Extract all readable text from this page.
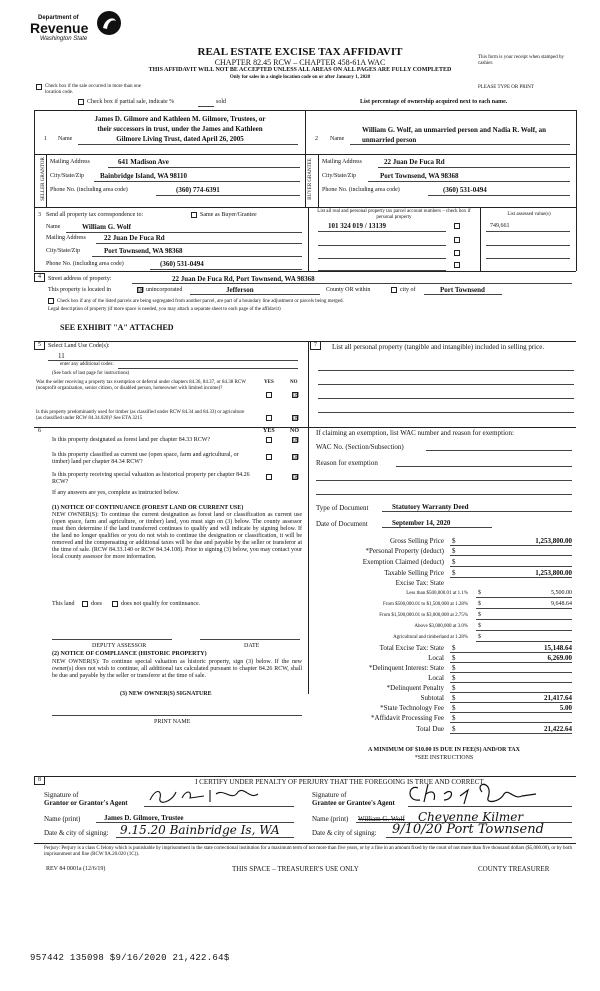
Department of
Revenue
Washington State
REAL ESTATE EXCISE TAX AFFIDAVIT
CHAPTER 82.45 RCW – CHAPTER 458-61A WAC
THIS AFFIDAVIT WILL NOT BE ACCEPTED UNLESS ALL AREAS ON ALL PAGES ARE FULLY COMPLETED
Only for sales in a single location code on or after January 1, 2020
This form is your receipt when stamped by cashier.
PLEASE TYPE OR PRINT
Check box if the sale occurred in more than one location code.
Check box if partial sale, indicate %	sold	List percentage of ownership acquired next to each name.
1 Name
James D. Gilmore and Kathleen M. Gilmore, Trustees, or
their successors in trust, under the James and Kathleen
Gilmore Living Trust, dated April 26, 2005
SELLER GRANTOR Mailing Address	641 Madison Ave
City/State/Zip Bainbridge Island, WA 98110
Phone No. (including area code)	(360) 774-6391
2 Name
William G. Wolf, an unmarried person and Nadia R. Wolf, an
unmarried person
BUYER GRANTEE Mailing Address	22 Juan De Fuca Rd
City/State/Zip	Port Townsend, WA 98368
Phone No. (including area code)	(360) 531-0494
3 Send all property tax correspondence to:	Same as Buyer/Grantee
Name	William G. Wolf
Mailing Address	22 Juan De Fuca Rd
City/State/Zip	Port Townsend, WA 98368
Phone No. (including area code)	(360) 531-0494
List all real and personal property tax parcel account numbers – check box if personal property
List assessed value(s)
101 324 019 / 13139	749,661
4	Street address of property:	22 Juan De Fuca Rd, Port Townsend, WA 98368
This property is located in	☒ unincorporated	Jefferson	County OR within	city of	Port Townsend
Check box if any of the listed parcels are being segregated from another parcel, are part of a boundary line adjustment or parcels being merged.
Legal description of property (if more space is needed, you may attach a separate sheet to each page of the affidavit)
SEE EXHIBIT "A" ATTACHED
5	Select Land Use Code(s):
11
enter any additional codes:
(See back of last page for instructions)
YES	NO
Was the seller receiving a property tax exemption or deferral under chapters 84.36, 84.37, or 84.38 RCW (nonprofit organization, senior citizen, or disabled person, homeowner with limited income)?
☒
Is this property predominantly used for timber (as classified under RCW 84.34 and 84.33) or agriculture (as classified under RCW 84.34.020)? See ETA 3215	☒
7	List all personal property (tangible and intangible) included in selling price.
6	YES	NO
Is this property designated as forest land per chapter 84.33 RCW?	☒
Is this property classified as current use (open space, farm and agricultural, or timber) land per chapter 84.34 RCW?
☒
Is this property receiving special valuation as historical property per chapter 84.26 RCW?
☒
If any answers are yes, complete as instructed below.
(1) NOTICE OF CONTINUANCE (FOREST LAND OR CURRENT USE)
NEW OWNER(S): To continue the current designation as forest land or classification as current use (open space, farm and agriculture, or timber) land, you must sign on (3) below. The county assessor must then determine if the land transferred continues to qualify and will indicate by signing below. If the land no longer qualifies or you do not wish to continue the designation or classification, it will be removed and the compensating or additional taxes will be due and payable by the seller or transferor at the time of sale. (RCW 84.33.140 or RCW 84.34.108). Prior to signing (3) below, you may contact your local county assessor for more information.
This land	does	does not qualify for continuance.
DEPUTY ASSESSOR	DATE
(2) NOTICE OF COMPLIANCE (HISTORIC PROPERTY)
NEW OWNER(S): To continue special valuation as historic property, sign (3) below. If the new owner(s) does not wish to continue, all additional tax calculated pursuant to chapter 84.26 RCW, shall be due and payable by the seller or transferor at the time of sale.
(3) NEW OWNER(S) SIGNATURE
PRINT NAME
If claiming an exemption, list WAC number and reason for exemption:
WAC No. (Section/Subsection)
Reason for exemption
Type of Document	Statutory Warranty Deed
Date of Document	September 14, 2020
Gross Selling Price $	1,253,800.00
*Personal Property (deduct) $
Exemption Claimed (deduct) $
Taxable Selling Price $	1,253,800.00
Excise Tax: State
Less than $500,000.01 at 1.1% $	5,500.00
From $500,000.01 to $1,500,000 at 1.28% $	9,648.64
From $1,500,000.01 to $3,000,000 at 2.75% $
Above $3,000,000 at 3.0% $
Agricultural and timberland at 1.28% $
Total Excise Tax: State $	15,148.64
Local $	6,269.00
*Delinquent Interest: State $
Local $
*Delinquent Penalty $
Subtotal $	21,417.64
*State Technology Fee $	5.00
*Affidavit Processing Fee $
Total Due $	21,422.64
A MINIMUM OF $10.00 IS DUE IN FEE(S) AND/OR TAX
*SEE INSTRUCTIONS
8	I CERTIFY UNDER PENALTY OF PERJURY THAT THE FOREGOING IS TRUE AND CORRECT.
Signature of
Grantor or Grantor's Agent
Name (print)	James D. Gilmore, Trustee
Date & city of signing: 9.15.20 Bainbridge Is, WA
Signature of
Grantee or Grantee's Agent
Name (print) William G. Wolf Cheyenne Kilmer
Date & city of signing: 9/10/20 Port Townsend
Perjury: Perjury is a class C felony which is punishable by imprisonment in the state correctional institution for a maximum term of not more than five years, or by a fine in an amount fixed by the court of not more than five thousand dollars ($5,000.00), or by both imprisonment and fine (RCW 9A.20.020 (1C)).
REV 84 0001a (12/6/19)	THIS SPACE – TREASURER'S USE ONLY	COUNTY TREASURER
957442 135098 $9/16/2020 21,422.64$
